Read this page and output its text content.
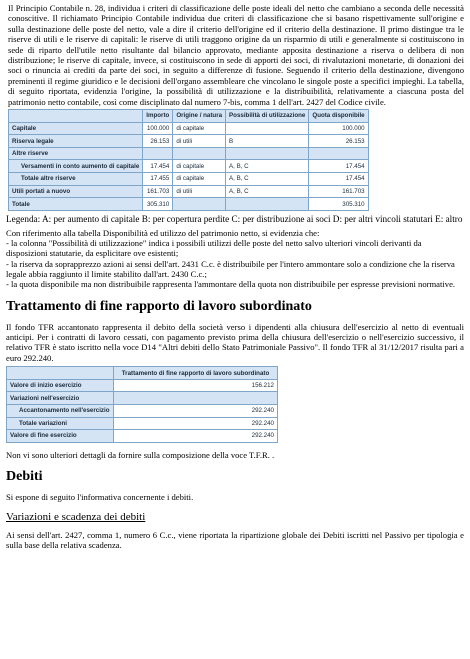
Il Principio Contabile n. 28, individua i criteri di classificazione delle poste ideali del netto che cambiano a seconda delle necessità conoscitive. Il richiamato Principio Contabile individua due criteri di classificazione che si basano rispettivamente sull'origine e sulla destinazione delle poste del netto, vale a dire il criterio dell'origine ed il criterio della destinazione. Il primo distingue tra le riserve di utili e le riserve di capitali: le riserve di utili traggono origine da un risparmio di utili e generalmente si costituiscono in sede di riparto dell'utile netto risultante dal bilancio approvato, mediante apposita destinazione a riserva o delibera di non distribuzione; le riserve di capitale, invece, si costituiscono in sede di apporti dei soci, di rivalutazioni monetarie, di donazioni dei soci o rinuncia ai crediti da parte dei soci, in seguito a differenze di fusione. Seguendo il criterio della destinazione, divengono preminenti il regime giuridico e le decisioni dell'organo assembleare che vincolano le singole poste a specifici impieghi. La tabella, di seguito riportata, evidenzia l'origine, la possibilità di utilizzazione e la distribuibilità, relativamente a ciascuna posta del patrimonio netto contabile, così come disciplinato dal numero 7-bis, comma 1 dell'art. 2427 del Codice civile.

	Importo	Origine / natura	Possibilità di utilizzazione	Quota disponibile
Capitale	100.000	di capitale		100.000
Riserva legale	26.153	di utili	B	26.153
Altre riserve				
Versamenti in conto aumento di capitale	17.454	di capitale	A, B, C	17.454
Totale altre riserve	17.455	di capitale	A, B, C	17.454
Utili portati a nuovo	161.703	di utili	A, B, C	161.703
Totale	305.310			305.310

Legenda: A: per aumento di capitale B: per copertura perdite C: per distribuzione ai soci D: per altri vincoli statutari E: altro

Con riferimento alla tabella Disponibilità ed utilizzo del patrimonio netto, si evidenzia che:

- la colonna "Possibilità di utilizzazione" indica i possibili utilizzi delle poste del netto salvo ulteriori vincoli derivanti da disposizioni statutarie, da esplicitare ove esistenti;

- la riserva da soprapprezzo azioni ai sensi dell'art. 2431 C.c. è distribuibile per l'intero ammontare solo a condizione che la riserva legale abbia raggiunto il limite stabilito dall'art. 2430 C.c.;

- la quota disponibile ma non distribuibile rappresenta l'ammontare della quota non distribuibile per espresse previsioni normative.

Trattamento di fine rapporto di lavoro subordinato

Il fondo TFR accantonato rappresenta il debito della società verso i dipendenti alla chiusura dell'esercizio al netto di eventuali anticipi. Per i contratti di lavoro cessati, con pagamento previsto prima della chiusura dell'esercizio o nell'esercizio successivo, il relativo TFR è stato iscritto nella voce D14 "Altri debiti dello Stato Patrimoniale Passivo". Il fondo TFR al 31/12/2017 risulta pari a euro 292.240.

	Trattamento di fine rapporto di lavoro subordinato
Valore di inizio esercizio	156.212
Variazioni nell'esercizio	
Accantonamento nell'esercizio	292.240
Totale variazioni	292.240
Valore di fine esercizio	292.240

Non vi sono ulteriori dettagli da fornire sulla composizione della voce T.F.R. .

Debiti

Si espone di seguito l'informativa concernente i debiti.

Variazioni e scadenza dei debiti

Ai sensi dell'art. 2427, comma 1, numero 6 C.c., viene riportata la ripartizione globale dei Debiti iscritti nel Passivo per tipologia e sulla base della relativa scadenza.
